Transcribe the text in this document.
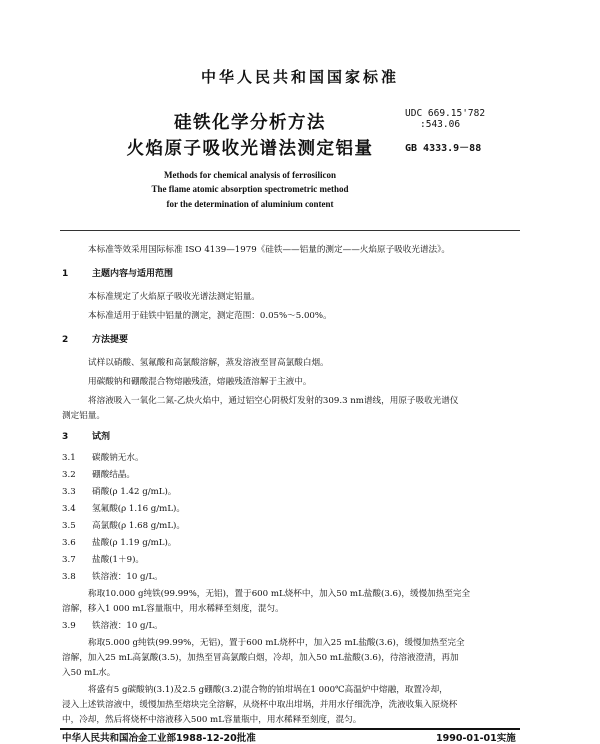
中华人民共和国国家标准
硅铁化学分析方法
火焰原子吸收光谱法测定铝量
UDC 669.15'782
:543.06
GB 4333.9－88
Methods for chemical analysis of ferrosilicon
The flame atomic absorption spectrometric method
for the determination of aluminium content
本标准等效采用国际标准 ISO 4139—1979《硅铁——铝量的测定——火焰原子吸收光谱法》。
1	主题内容与适用范围
本标准规定了火焰原子吸收光谱法测定铝量。
本标准适用于硅铁中铝量的测定，测定范围：0.05%～5.00%。
2	方法提要
试样以硝酸、氢氟酸和高氯酸溶解，蒸发溶液至冒高氯酸白烟。
用碳酸钠和硼酸混合物熔融残渣，熔融残渣溶解于主液中。
将溶液吸入一氧化二氮-乙炔火焰中，通过铝空心阴极灯发射的309.3 nm谱线，用原子吸收光谱仪
测定铝量。
3	试剂
3.1 碳酸钠无水。
3.2 硼酸结晶。
3.3 硝酸(ρ 1.42 g/mL)。
3.4 氢氟酸(ρ 1.16 g/mL)。
3.5 高氯酸(ρ 1.68 g/mL)。
3.6 盐酸(ρ 1.19 g/mL)。
3.7 盐酸(1＋9)。
3.8 铁溶液：10 g/L。
称取10.000 g纯铁(99.99%，无铝)，置于600 mL烧杯中，加入50 mL盐酸(3.6)，缓慢加热至完全
溶解，移入1 000 mL容量瓶中，用水稀释至刻度，混匀。
3.9 铁溶液：10 g/L。
称取5.000 g纯铁(99.99%，无铝)，置于600 mL烧杯中，加入25 mL盐酸(3.6)，缓慢加热至完全
溶解，加入25 mL高氯酸(3.5)，加热至冒高氯酸白烟，冷却，加入50 mL盐酸(3.6)，待溶液澄清，再加
入50 mL水。
将盛有5 g碳酸钠(3.1)及2.5 g硼酸(3.2)混合物的铂坩埚在1 000℃高温炉中熔融，取置冷却，
浸入上述铁溶液中，缓慢加热至熔块完全溶解，从烧杯中取出坩埚，并用水仔细洗净，洗液收集入原烧杯
中，冷却，然后将烧杯中溶液移入500 mL容量瓶中，用水稀释至刻度，混匀。
中华人民共和国冶金工业部1988-12-20批准	1990-01-01实施
